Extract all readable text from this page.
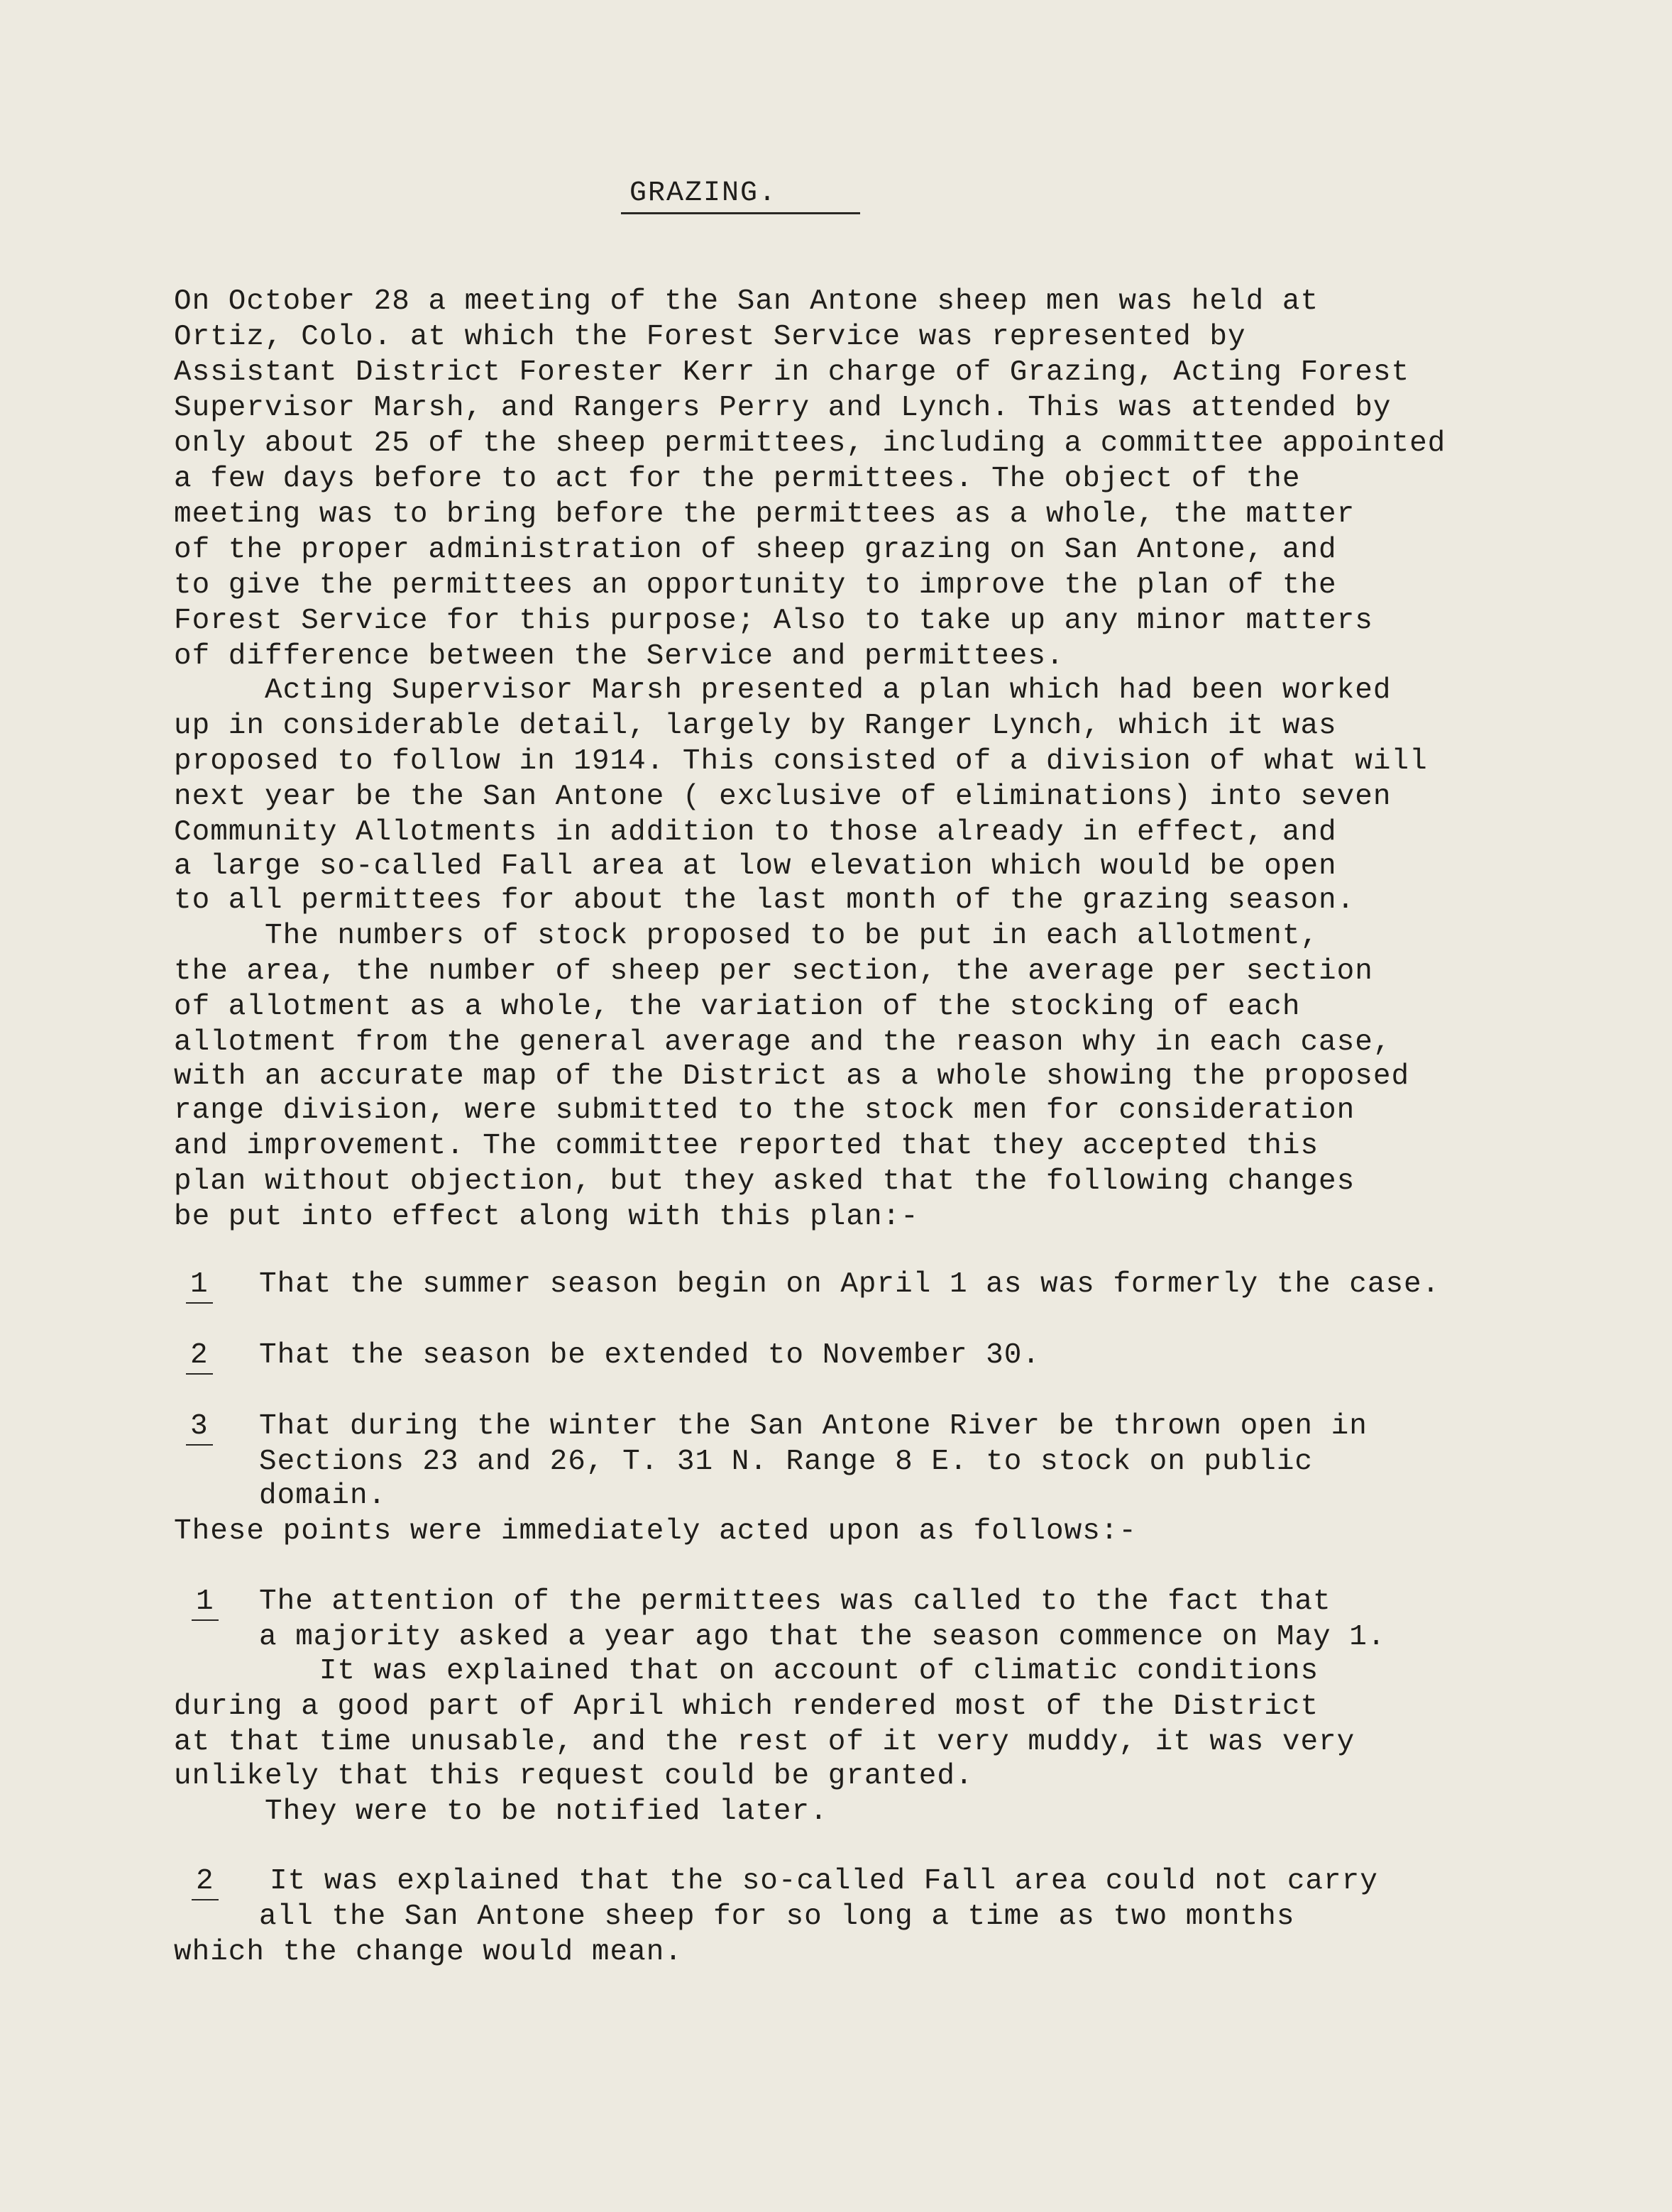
GRAZING.
On October 28 a meeting of the San Antone sheep men was held at
Ortiz, Colo. at which the Forest Service was represented by
Assistant District Forester Kerr in charge of Grazing, Acting Forest
Supervisor Marsh, and Rangers Perry and Lynch. This was attended by
only about 25 of the sheep permittees, including a committee appointed
a few days before to act for the permittees. The object of the
meeting was to bring before the permittees as a whole, the matter
of the proper administration of sheep grazing on San Antone, and
to give the permittees an opportunity to improve the plan of the
Forest Service for this purpose; Also to take up any minor matters
of difference between the Service and permittees.
Acting Supervisor Marsh presented a plan which had been worked
up in considerable detail, largely by Ranger Lynch, which it was
proposed to follow in 1914. This consisted of a division of what will
next year be the San Antone ( exclusive of eliminations) into seven
Community Allotments in addition to those already in effect, and
a large so-called Fall area at low elevation which would be open
to all permittees for about the last month of the grazing season.
The numbers of stock proposed to be put in each allotment,
the area, the number of sheep per section, the average per section
of allotment as a whole, the variation of the stocking of each
allotment from the general average and the reason why in each case,
with an accurate map of the District as a whole showing the proposed
range division, were submitted to the stock men for consideration
and improvement. The committee reported that they accepted this
plan without objection, but they asked that the following changes
be put into effect along with this plan:-
1 That the summer season begin on April 1 as was formerly the case.
2 That the season be extended to November 30.
3 That during the winter the San Antone River be thrown open in
Sections 23 and 26, T. 31 N. Range 8 E. to stock on public
domain.
These points were immediately acted upon as follows:-
1 The attention of the permittees was called to the fact that
a majority asked a year ago that the season commence on May 1.
It was explained that on account of climatic conditions
during a good part of April which rendered most of the District
at that time unusable, and the rest of it very muddy, it was very
unlikely that this request could be granted.
They were to be notified later.
2 It was explained that the so-called Fall area could not carry
all the San Antone sheep for so long a time as two months
which the change would mean.
